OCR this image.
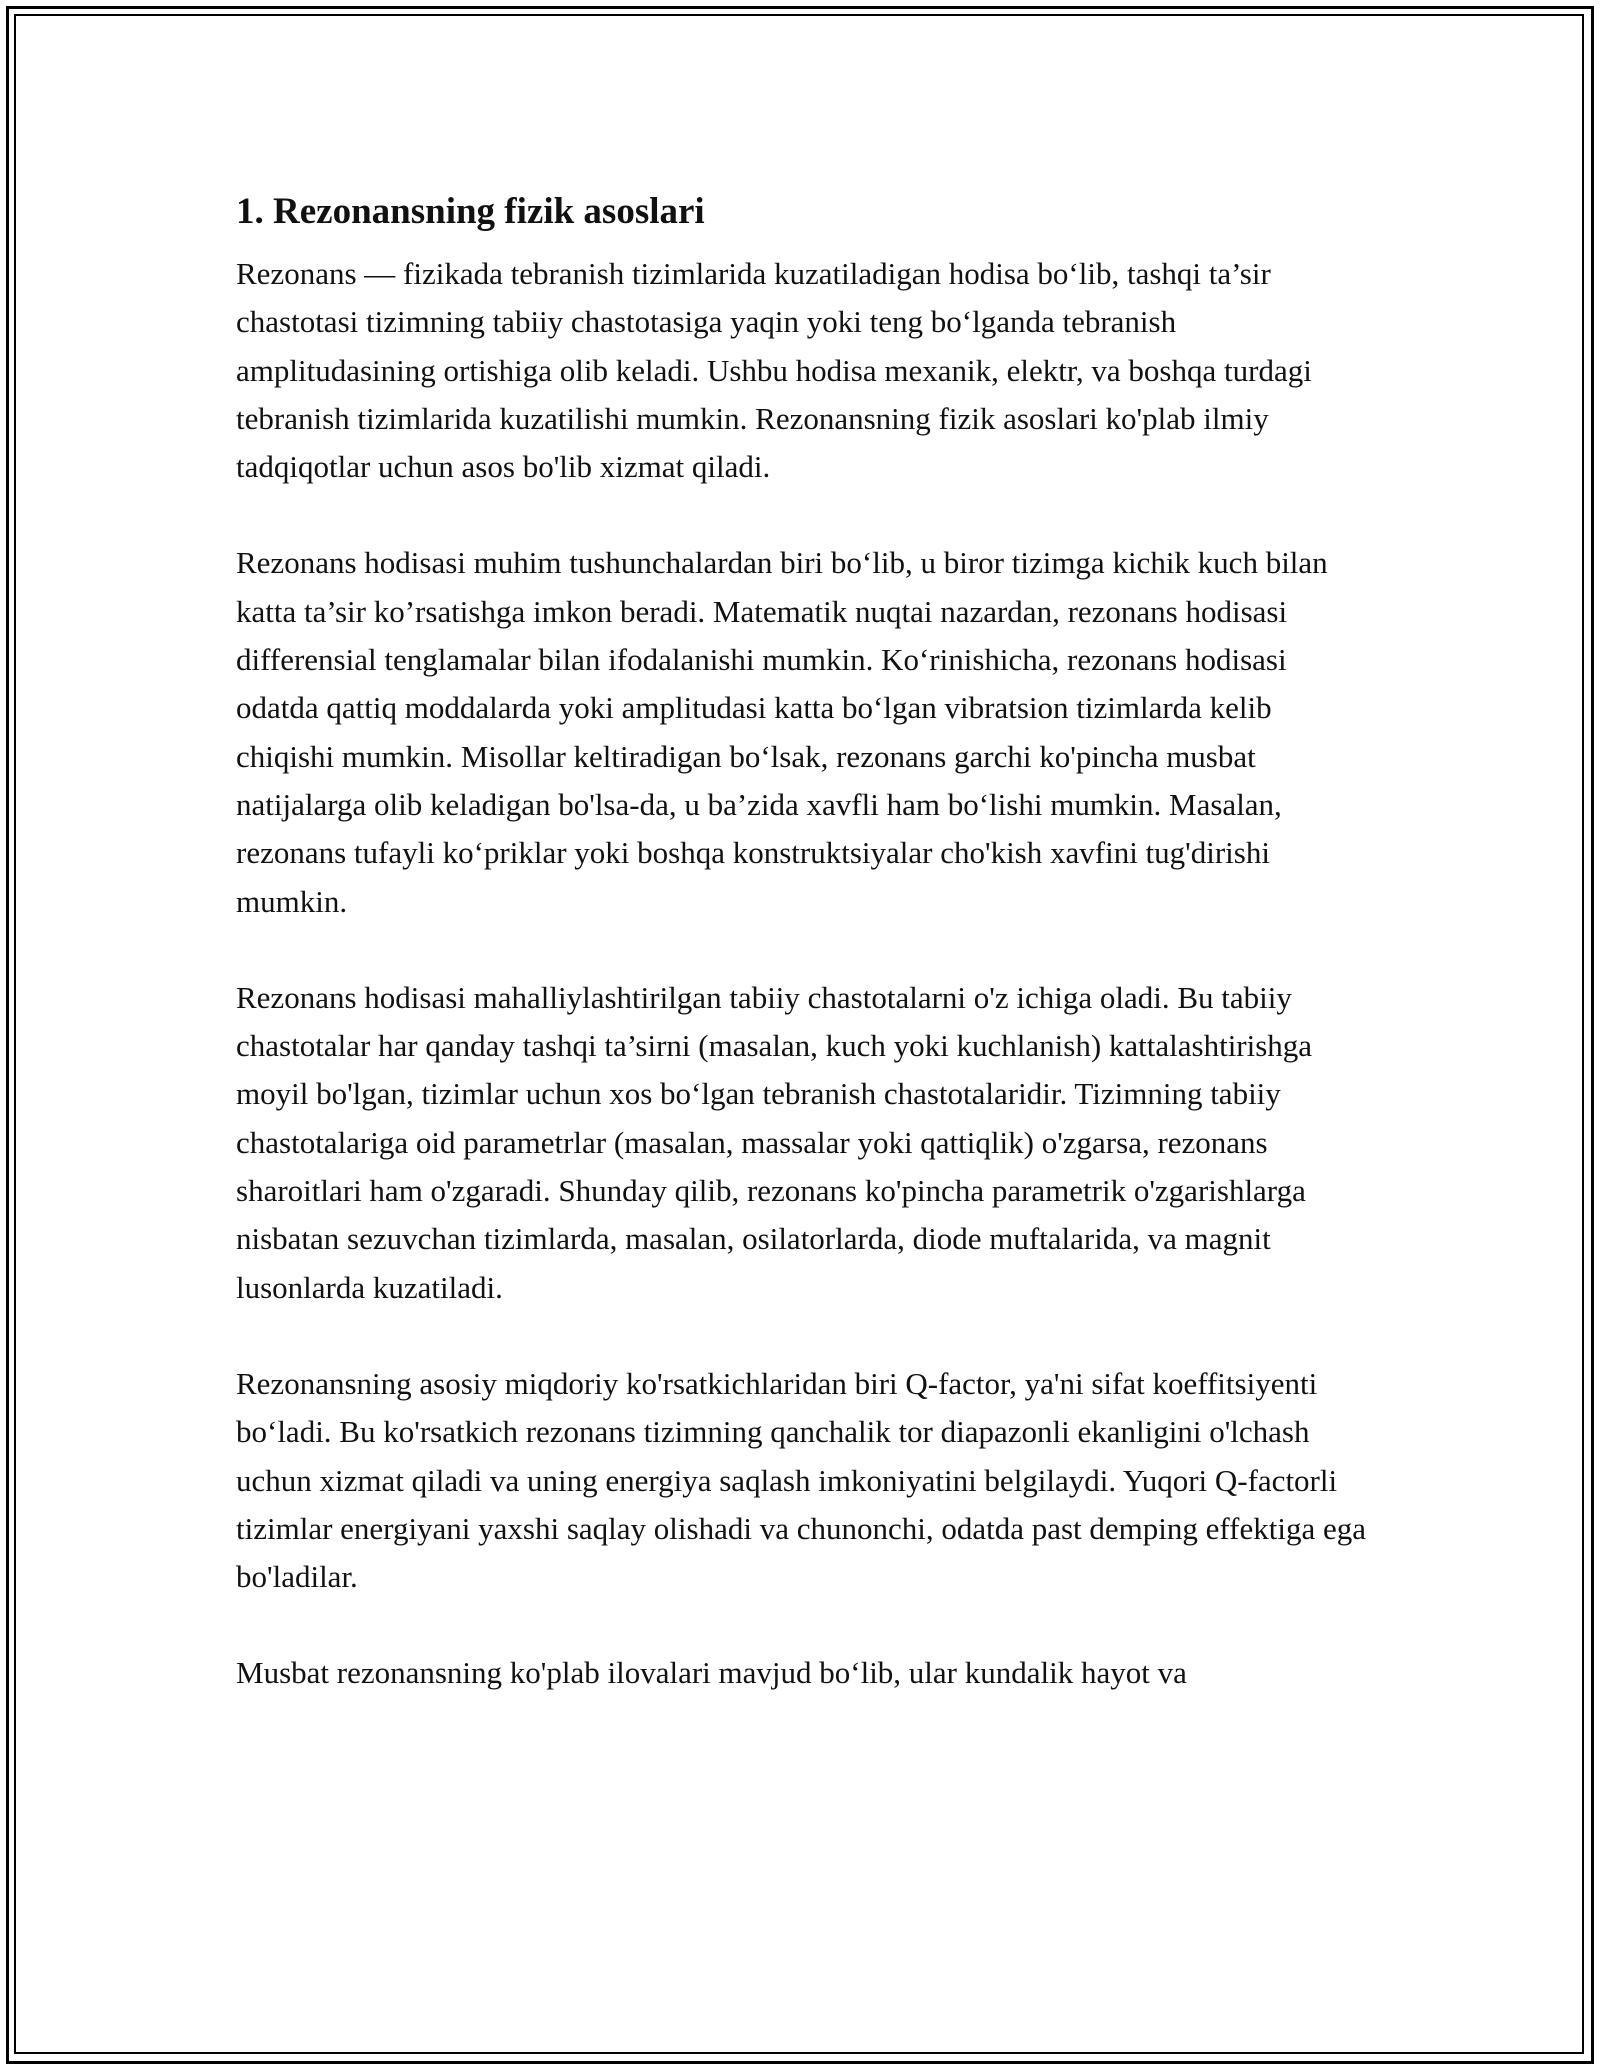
1. Rezonansning fizik asoslari

Rezonans — fizikada tebranish tizimlarida kuzatiladigan hodisa bo‘lib, tashqi ta’sir chastotasi tizimning tabiiy chastotasiga yaqin yoki teng bo‘lganda tebranish amplitudasining ortishiga olib keladi. Ushbu hodisa mexanik, elektr, va boshqa turdagi tebranish tizimlarida kuzatilishi mumkin. Rezonansning fizik asoslari ko'plab ilmiy tadqiqotlar uchun asos bo'lib xizmat qiladi.

Rezonans hodisasi muhim tushunchalardan biri bo‘lib, u biror tizimga kichik kuch bilan katta ta’sir ko’rsatishga imkon beradi. Matematik nuqtai nazardan, rezonans hodisasi differensial tenglamalar bilan ifodalanishi mumkin. Ko‘rinishicha, rezonans hodisasi odatda qattiq moddalarda yoki amplitudasi katta bo‘lgan vibratsion tizimlarda kelib chiqishi mumkin. Misollar keltiradigan bo‘lsak, rezonans garchi ko'pincha musbat natijalarga olib keladigan bo'lsa-da, u ba’zida xavfli ham bo‘lishi mumkin. Masalan, rezonans tufayli ko‘priklar yoki boshqa konstruktsiyalar cho'kish xavfini tug'dirishi mumkin.

Rezonans hodisasi mahalliylashtirilgan tabiiy chastotalarni o'z ichiga oladi. Bu tabiiy chastotalar har qanday tashqi ta’sirni (masalan, kuch yoki kuchlanish) kattalashtirishga moyil bo'lgan, tizimlar uchun xos bo‘lgan tebranish chastotalaridir. Tizimning tabiiy chastotalariga oid parametrlar (masalan, massalar yoki qattiqlik) o'zgarsa, rezonans sharoitlari ham o'zgaradi. Shunday qilib, rezonans ko'pincha parametrik o'zgarishlarga nisbatan sezuvchan tizimlarda, masalan, osilatorlarda, diode muftalarida, va magnit lusonlarda kuzatiladi.

Rezonansning asosiy miqdoriy ko'rsatkichlaridan biri Q-factor, ya'ni sifat koeffitsiyenti bo‘ladi. Bu ko'rsatkich rezonans tizimning qanchalik tor diapazonli ekanligini o'lchash uchun xizmat qiladi va uning energiya saqlash imkoniyatini belgilaydi. Yuqori Q-factorli tizimlar energiyani yaxshi saqlay olishadi va chunonchi, odatda past demping effektiga ega bo'ladilar.

Musbat rezonansning ko'plab ilovalari mavjud bo‘lib, ular kundalik hayot va
